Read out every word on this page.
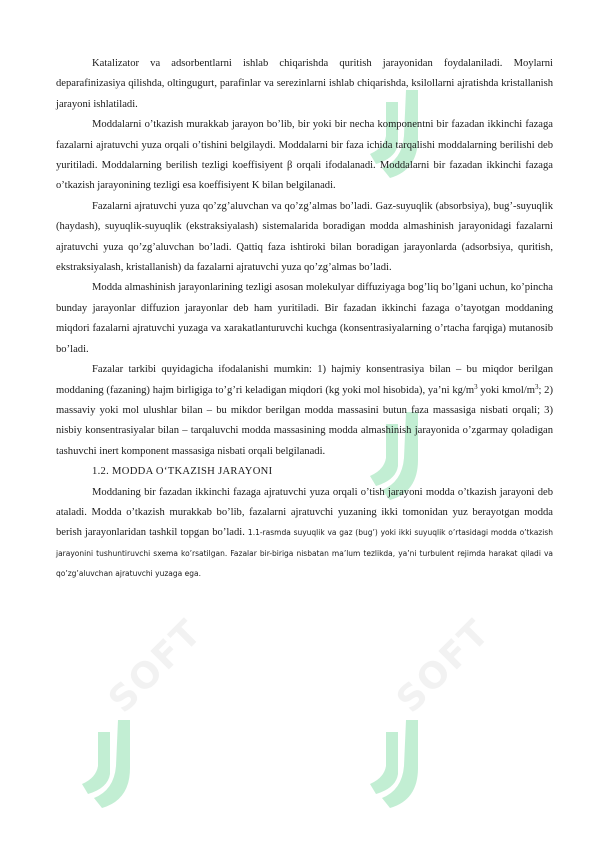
SOFT	SOFT

Katalizator va adsorbentlarni ishlab chiqarishda quritish jarayonidan foydalaniladi. Moylarni deparafinizasiya qilishda, oltingugurt, parafinlar va serezinlarni ishlab chiqarishda, ksilollarni ajratishda kristallanish jarayoni ishlatiladi.

Moddalarni o’tkazish murakkab jarayon bo’lib, bir yoki bir necha komponentni bir fazadan ikkinchi fazaga fazalarni ajratuvchi yuza orqali o’tishini belgilaydi. Moddalarni bir faza ichida tarqalishi moddalarning berilishi deb yuritiladi. Moddalarning berilish tezligi koeffisiyent β orqali ifodalanadi. Moddalarni bir fazadan ikkinchi fazaga o’tkazish jarayonining tezligi esa koeffisiyent K bilan belgilanadi.

Fazalarni ajratuvchi yuza qo’zg’aluvchan va qo’zg’almas bo’ladi. Gaz-suyuqlik (absorbsiya), bug’-suyuqlik (haydash), suyuqlik-suyuqlik (ekstraksiyalash) sistemalarida boradigan modda almashinish jarayonidagi fazalarni ajratuvchi yuza qo’zg’aluvchan bo’ladi. Qattiq faza ishtiroki bilan boradigan jarayonlarda (adsorbsiya, quritish, ekstraksiyalash, kristallanish) da fazalarni ajratuvchi yuza qo’zg’almas bo’ladi.

Modda almashinish jarayonlarining tezligi asosan molekulyar diffuziyaga bog’liq bo’lgani uchun, ko’pincha bunday jarayonlar diffuzion jarayonlar deb ham yuritiladi. Bir fazadan ikkinchi fazaga o’tayotgan moddaning miqdori fazalarni ajratuvchi yuzaga va xarakatlanturuvchi kuchga (konsentrasiyalarning o’rtacha farqiga) mutanosib bo’ladi.

Fazalar tarkibi quyidagicha ifodalanishi mumkin: 1) hajmiy konsentrasiya bilan – bu miqdor berilgan moddaning (fazaning) hajm birligiga to’g’ri keladigan miqdori (kg yoki mol hisobida), ya’ni $kg/m^3$ yoki kmol/$m^3$; 2) massaviy yoki mol ulushlar bilan – bu mikdor berilgan modda massasini butun faza massasiga nisbati orqali; 3) nisbiy konsentrasiyalar bilan – tarqaluvchi modda massasining modda almashinish jarayonida o’zgarmay qoladigan tashuvchi inert komponent massasiga nisbati orqali belgilanadi.

1.2. MODDA O‘TKAZISH JARAYONI

Moddaning bir fazadan ikkinchi fazaga ajratuvchi yuza orqali o’tish jarayoni modda o’tkazish jarayoni deb ataladi. Modda o’tkazish murakkab bo’lib, fazalarni ajratuvchi yuzaning ikki tomonidan yuz berayotgan modda berish jarayonlaridan tashkil topgan bo’ladi. 1.1-rasmda suyuqlik va gaz (bug’) yoki ikki suyuqlik o’rtasidagi modda o’tkazish jarayonini tushuntiruvchi sxema ko’rsatilgan. Fazalar bir-biriga nisbatan ma’lum tezlikda, ya’ni turbulent rejimda harakat qiladi va qo’zg’aluvchan ajratuvchi yuzaga ega.
